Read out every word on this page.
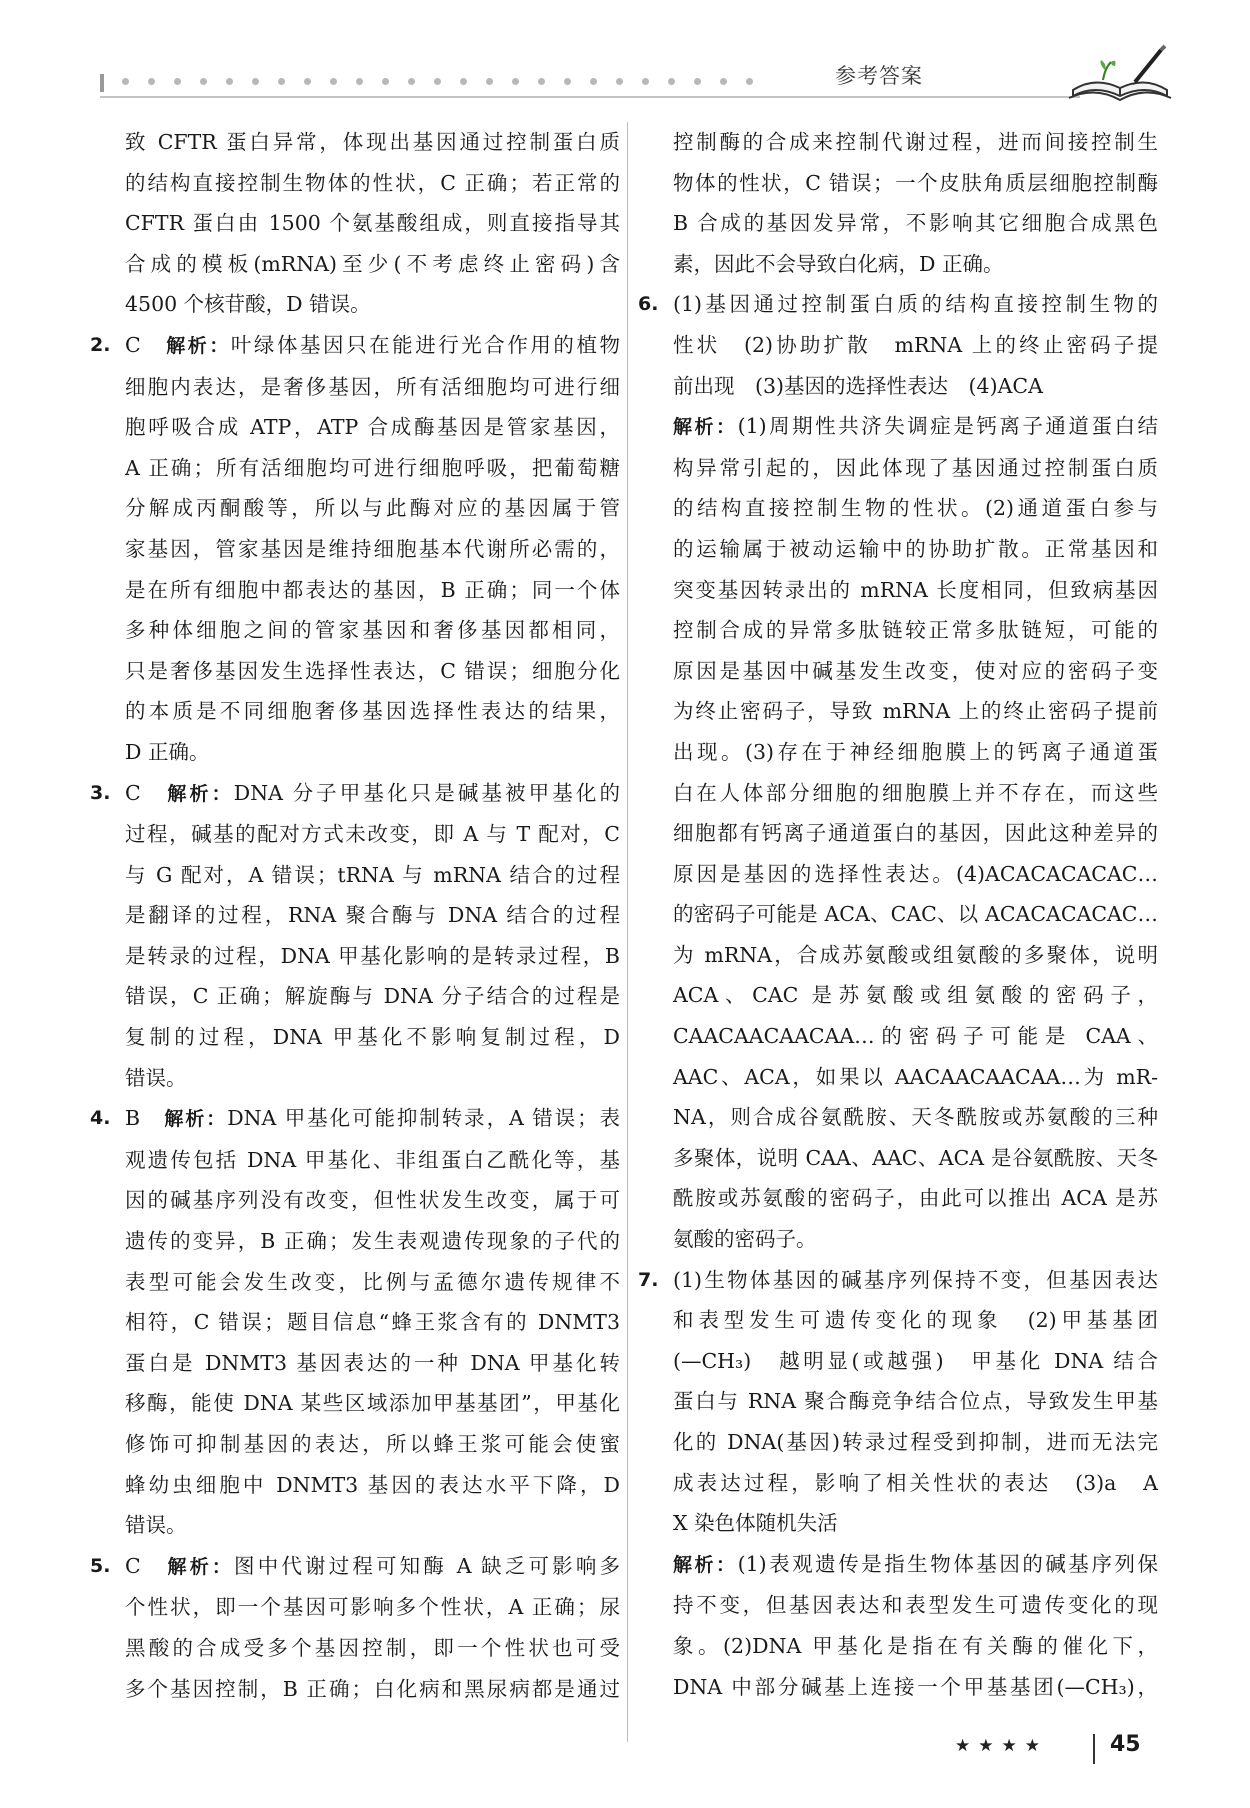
参考答案
致 CFTR 蛋白异常，体现出基因通过控制蛋白质
的结构直接控制生物体的性状，C 正确；若正常的
CFTR 蛋白由 1500 个氨基酸组成，则直接指导其
合成的模板(mRNA)至少(不考虑终止密码)含
4500 个核苷酸，D 错误。
2. C　 解析：叶绿体基因只在能进行光合作用的植物
细胞内表达，是奢侈基因，所有活细胞均可进行细
胞呼吸合成 ATP，ATP 合成酶基因是管家基因，
A 正确；所有活细胞均可进行细胞呼吸，把葡萄糖
分解成丙酮酸等，所以与此酶对应的基因属于管
家基因，管家基因是维持细胞基本代谢所必需的，
是在所有细胞中都表达的基因，B 正确；同一个体
多种体细胞之间的管家基因和奢侈基因都相同，
只是奢侈基因发生选择性表达，C 错误；细胞分化
的本质是不同细胞奢侈基因选择性表达的结果，
D 正确。
3. C　 解析：DNA 分子甲基化只是碱基被甲基化的
过程，碱基的配对方式未改变，即 A 与 T 配对，C
与 G 配对，A 错误；tRNA 与 mRNA 结合的过程
是翻译的过程，RNA 聚合酶与 DNA 结合的过程
是转录的过程，DNA 甲基化影响的是转录过程，B
错误，C 正确；解旋酶与 DNA 分子结合的过程是
复制的过程，DNA 甲基化不影响复制过程，D
错误。
4. B　 解析：DNA 甲基化可能抑制转录，A 错误；表
观遗传包括 DNA 甲基化、非组蛋白乙酰化等，基
因的碱基序列没有改变，但性状发生改变，属于可
遗传的变异，B 正确；发生表观遗传现象的子代的
表型可能会发生改变，比例与孟德尔遗传规律不
相符，C 错误；题目信息“蜂王浆含有的 DNMT3
蛋白是 DNMT3 基因表达的一种 DNA 甲基化转
移酶，能使 DNA 某些区域添加甲基基团”，甲基化
修饰可抑制基因的表达，所以蜂王浆可能会使蜜
蜂幼虫细胞中 DNMT3 基因的表达水平下降，D
错误。
5. C　 解析：图中代谢过程可知酶 A 缺乏可影响多
个性状，即一个基因可影响多个性状，A 正确；尿
黑酸的合成受多个基因控制，即一个性状也可受
多个基因控制，B 正确；白化病和黑尿病都是通过
控制酶的合成来控制代谢过程，进而间接控制生
物体的性状，C 错误；一个皮肤角质层细胞控制酶
B 合成的基因发异常，不影响其它细胞合成黑色
素，因此不会导致白化病，D 正确。
6. (1)基因通过控制蛋白质的结构直接控制生物的
性状　(2)协助扩散　mRNA 上的终止密码子提
前出现　(3)基因的选择性表达　(4)ACA
解析：(1)周期性共济失调症是钙离子通道蛋白结
构异常引起的，因此体现了基因通过控制蛋白质
的结构直接控制生物的性状。(2)通道蛋白参与
的运输属于被动运输中的协助扩散。正常基因和
突变基因转录出的 mRNA 长度相同，但致病基因
控制合成的异常多肽链较正常多肽链短，可能的
原因是基因中碱基发生改变，使对应的密码子变
为终止密码子，导致 mRNA 上的终止密码子提前
出现。(3)存在于神经细胞膜上的钙离子通道蛋
白在人体部分细胞的细胞膜上并不存在，而这些
细胞都有钙离子通道蛋白的基因，因此这种差异的
原因是基因的选择性表达。(4)ACACACACAC…
的密码子可能是 ACA、CAC、以 ACACACACAC…
为 mRNA，合成苏氨酸或组氨酸的多聚体，说明
ACA、CAC 是苏氨酸或组氨酸的密码子，
CAACAACAACAA…的密码子可能是 CAA、
AAC、ACA，如果以 AACAACAACAA…为 mR-
NA，则合成谷氨酰胺、天冬酰胺或苏氨酸的三种
多聚体，说明 CAA、AAC、ACA 是谷氨酰胺、天冬
酰胺或苏氨酸的密码子，由此可以推出 ACA 是苏
氨酸的密码子。
7. (1)生物体基因的碱基序列保持不变，但基因表达
和表型发生可遗传变化的现象　(2)甲基基团
(—CH₃)　越明显(或越强)　甲基化 DNA 结合
蛋白与 RNA 聚合酶竞争结合位点，导致发生甲基
化的 DNA(基因)转录过程受到抑制，进而无法完
成表达过程，影响了相关性状的表达　(3)a　A
X 染色体随机失活
解析：(1)表观遗传是指生物体基因的碱基序列保
持不变，但基因表达和表型发生可遗传变化的现
象。(2)DNA 甲基化是指在有关酶的催化下，
DNA 中部分碱基上连接一个甲基基团(—CH₃)，
★★★★	45
